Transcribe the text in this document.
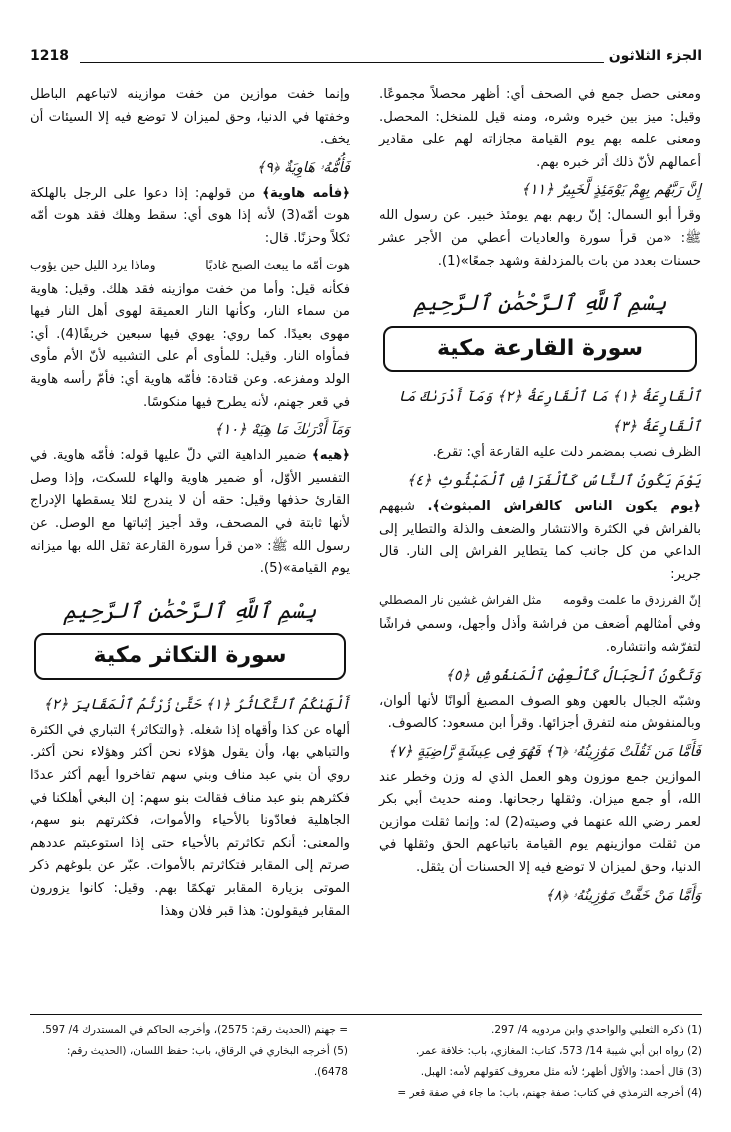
1218	الجزء الثلاثون

ومعنى حصل جمع في الصحف أي: أظهر محصلاً مجموعًا. وقيل: ميز بين خيره وشره، ومنه قيل للمنخل: المحصل. ومعنى علمه بهم يوم القيامة مجازاته لهم على مقادير أعمالهم لأنّ ذلك أثر خبره بهم.

إِنَّ رَبَّهُم بِهِمْ يَوْمَئِذٍ لَّخَبِيرٌ ﴿١١﴾

وقرأ أبو السمال: إنّ ربهم بهم يومئذ خبير. عن رسول الله ﷺ: «من قرأ سورة والعاديات أعطي من الأجر عشر حسنات بعدد من بات بالمزدلفة وشهد جمعًا»(1).

بِسْمِ ٱللَّهِ ٱلرَّحْمَٰنِ ٱلرَّحِيمِ
سورة القارعة مكية

ٱلْقَارِعَةُ ﴿١﴾ مَا ٱلْقَارِعَةُ ﴿٢﴾ وَمَآ أَدْرَىٰكَ مَا ٱلْقَارِعَةُ ﴿٣﴾

الظرف نصب بمضمر دلت عليه القارعة أي: تقرع.

يَوْمَ يَكُونُ ٱلنَّاسُ كَٱلْفَرَاشِ ٱلْمَبْثُوثِ ﴿٤﴾

﴿يوم يكون الناس كالفراش المبثوث﴾. شبههم بالفراش في الكثرة والانتشار والضعف والذلة والتطاير إلى الداعي من كل جانب كما يتطاير الفراش إلى النار. قال جرير:

إنّ الفرزدق ما علمت وقومه
مثل الفراش غشين نار المصطلي

وفي أمثالهم أضعف من فراشة وأذل وأجهل، وسمي فراشًا لتفرّشه وانتشاره.

وَتَكُونُ ٱلْجِبَالُ كَٱلْعِهْنِ ٱلْمَنفُوشِ ﴿٥﴾

وشبّه الجبال بالعهن وهو الصوف المصبغ ألوانًا لأنها ألوان، وبالمنفوش منه لتفرق أجزائها. وقرأ ابن مسعود: كالصوف.

فَأَمَّا مَن ثَقُلَتْ مَوَٰزِينُهُۥ ﴿٦﴾ فَهُوَ فِى عِيشَةٍ رَّاضِيَةٍ ﴿٧﴾

الموازين جمع موزون وهو العمل الذي له وزن وخطر عند الله، أو جمع ميزان. وثقلها رجحانها. ومنه حديث أبي بكر لعمر رضي الله عنهما في وصيته(2) له: وإنما ثقلت موازين من ثقلت موازينهم يوم القيامة باتباعهم الحق وثقلها في الدنيا، وحق لميزان لا توضع فيه إلا الحسنات أن يثقل.

وَأَمَّا مَنْ خَفَّتْ مَوَٰزِينُهُۥ ﴿٨﴾

وإنما خفت موازين من خفت موازينه لاتباعهم الباطل وخفتها في الدنيا، وحق لميزان لا توضع فيه إلا السيئات أن يخف.

فَأُمُّهُۥ هَاوِيَةٌ ﴿٩﴾

﴿فأمه هاوية﴾ من قولهم: إذا دعوا على الرجل بالهلكة هوت أمّه(3) لأنه إذا هوى أي: سقط وهلك فقد هوت أمّه ثكلاً وحزنًا. قال:

هوت أمّه ما يبعث الصبح غاديًا
وماذا يرد الليل حين يؤوب

فكأنه قيل: وأما من خفت موازينه فقد هلك. وقيل: هاوية من سماء النار، وكأنها النار العميقة لهوى أهل النار فيها مهوى بعيدًا. كما روي: يهوي فيها سبعين خريفًا(4). أي: فمأواه النار. وقيل: للمأوى أم على التشبيه لأنّ الأم مأوى الولد ومفزعه. وعن قتادة: فأمّه هاوية أي: فأمّ رأسه هاوية في قعر جهنم، لأنه يطرح فيها منكوسًا.

وَمَآ أَدْرَىٰكَ مَا هِيَهْ ﴿١٠﴾

﴿هيه﴾ ضمير الداهية التي دلّ عليها قوله: فأمّه هاوية. في التفسير الأوّل، أو ضمير هاوية والهاء للسكت، وإذا وصل القارئ حذفها وقيل: حقه أن لا يندرج لئلا يسقطها الإدراج لأنها ثابتة في المصحف، وقد أجيز إثباتها مع الوصل. عن رسول الله ﷺ: «من قرأ سورة القارعة ثقل الله بها ميزانه يوم القيامة»(5).

بِسْمِ ٱللَّهِ ٱلرَّحْمَٰنِ ٱلرَّحِيمِ
سورة التكاثر مكية

أَلْهَىٰكُمُ ٱلتَّكَاثُرُ ﴿١﴾ حَتَّىٰ زُرْتُمُ ٱلْمَقَابِرَ ﴿٢﴾

ألهاه عن كذا وأقهاه إذا شغله. ﴿والتكاثر﴾ التباري في الكثرة والتباهي بها، وأن يقول هؤلاء نحن أكثر وهؤلاء نحن أكثر. روي أن بني عبد مناف وبني سهم تفاخروا أيهم أكثر عددًا فكثرهم بنو عبد مناف فقالت بنو سهم: إن البغي أهلكنا في الجاهلية فعادّونا بالأحياء والأموات، فكثرتهم بنو سهم، والمعنى: أنكم تكاثرتم بالأحياء حتى إذا استوعبتم عددهم صرتم إلى المقابر فتكاثرتم بالأموات. عبّر عن بلوغهم ذكر الموتى بزيارة المقابر تهكمًا بهم. وقيل: كانوا يزورون المقابر فيقولون: هذا قبر فلان وهذا

(1) ذكره الثعلبي والواحدي وابن مردويه 4/ 297.
(2) رواه ابن أبي شيبة 14/ 573، كتاب: المغازي، باب: خلافة عمر.
(3) قال أحمد: والأوّل أظهر؛ لأنه مثل معروف كقولهم لأمه: الهبل.
(4) أخرجه الترمذي في كتاب: صفة جهنم، باب: ما جاء في صفة قعر =
= جهنم (الحديث رقم: 2575)، وأخرجه الحاكم في المستدرك 4/ 597.
(5) أخرجه البخاري في الرقاق، باب: حفظ اللسان، (الحديث رقم: 6478).
